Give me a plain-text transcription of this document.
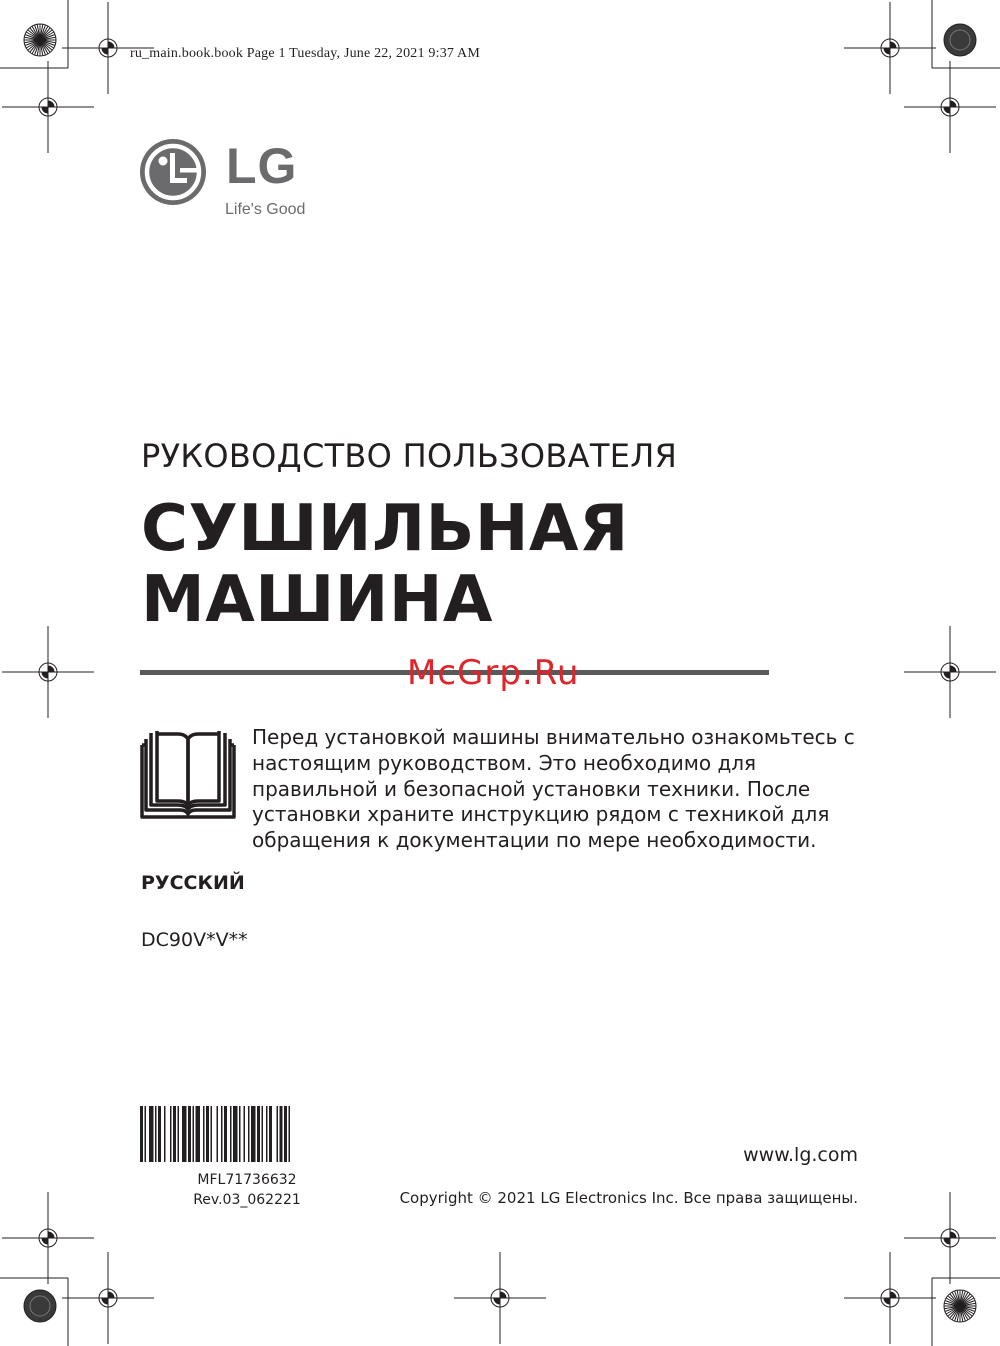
ru_main.book.book Page 1 Tuesday, June 22, 2021 9:37 AM
LG
Life's Good
РУКОВОДСТВО ПОЛЬЗОВАТЕЛЯ
СУШИЛЬНАЯ
МАШИНА
McGrp.Ru
Перед установкой машины внимательно ознакомьтесь с настоящим руководством. Это необходимо для правильной и безопасной установки техники. После установки храните инструкцию рядом с техникой для обращения к документации по мере необходимости.
РУССКИЙ
DC90V*V**
MFL71736632
Rev.03_062221
www.lg.com
Copyright © 2021 LG Electronics Inc. Все права защищены.
